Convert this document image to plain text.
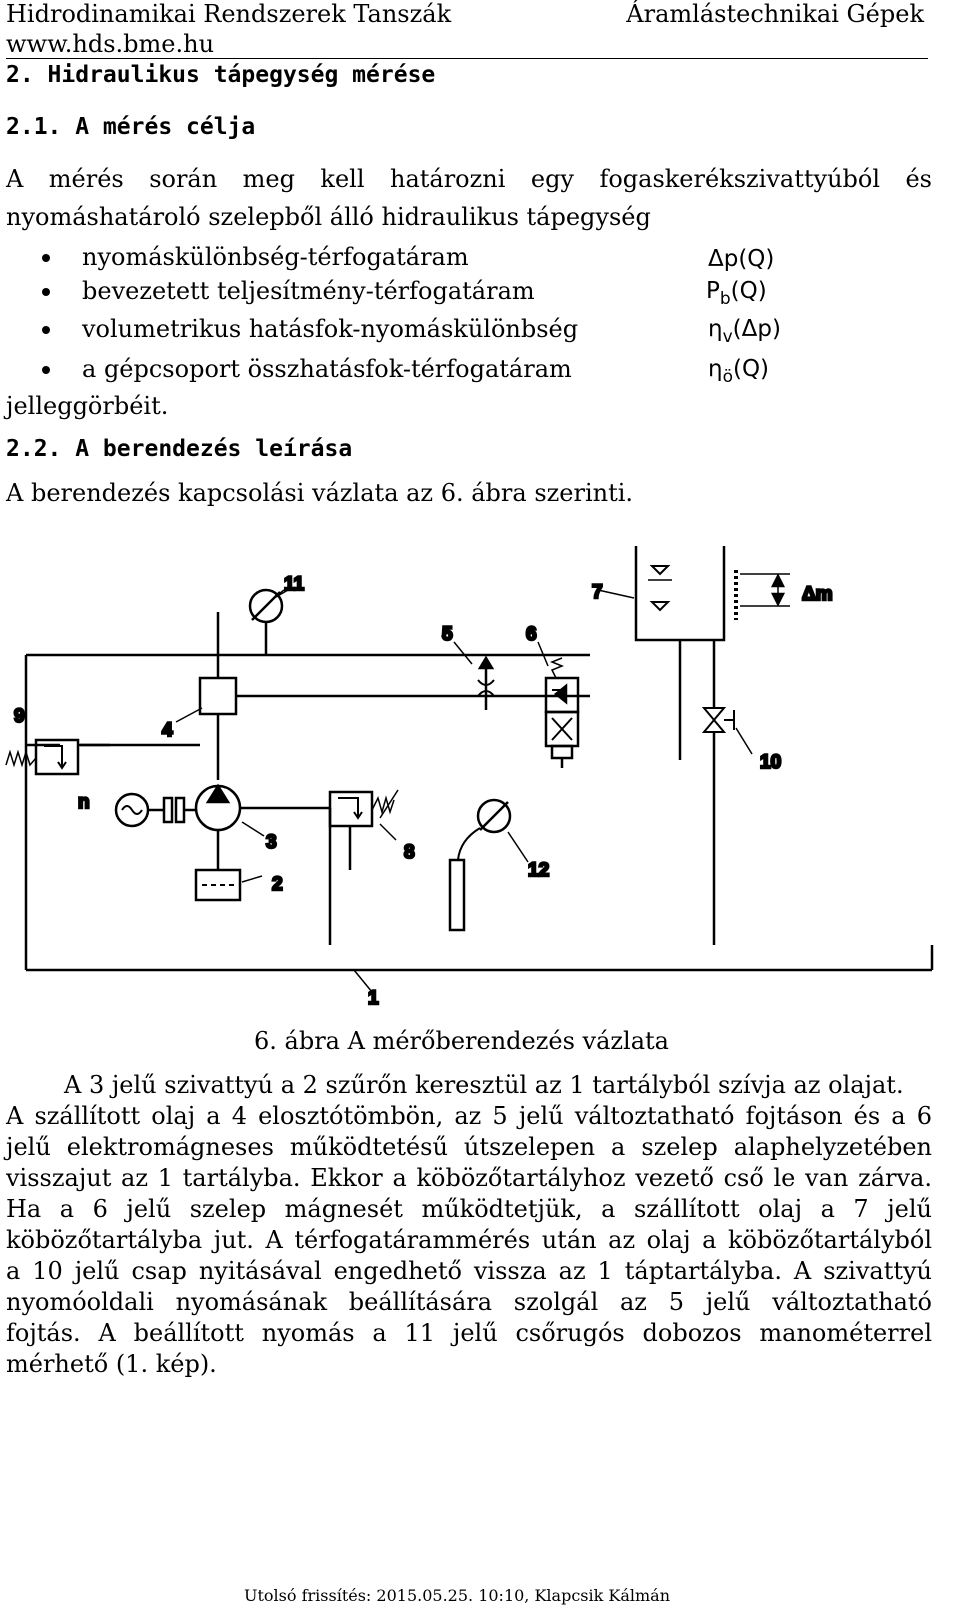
Hidrodinamikai Rendszerek Tanszák	Áramlástechnikai Gépek
www.hds.bme.hu
2. Hidraulikus tápegység mérése
2.1. A mérés célja
A mérés során meg kell határozni egy fogaskerékszivattyúból és
nyomáshatároló szelepből álló hidraulikus tápegység
nyomáskülönbség-térfogatáram	Δp(Q)
bevezetett teljesítmény-térfogatáram	$P_b(Q)$
volumetrikus hatásfok-nyomáskülönbség	$\eta_v(\Delta p)$
a gépcsoport összhatásfok-térfogatáram	$\eta_ö(Q)$
jelleggörbéit.
2.2. A berendezés leírása
A berendezés kapcsolási vázlata az 6. ábra szerinti.
11
5	6
7	Δm
9
4
10
n
3	8
12
2
1
6. ábra A mérőberendezés vázlata
A 3 jelű szivattyú a 2 szűrőn keresztül az 1 tartályból szívja az olajat.
A szállított olaj a 4 elosztótömbön, az 5 jelű változtatható fojtáson és a 6
jelű elektromágneses működtetésű útszelepen a szelep alaphelyzetében
visszajut az 1 tartályba. Ekkor a köbözőtartályhoz vezető cső le van zárva.
Ha a 6 jelű szelep mágnesét működtetjük, a szállított olaj a 7 jelű
köbözőtartályba jut. A térfogatárammérés után az olaj a köbözőtartályból
a 10 jelű csap nyitásával engedhető vissza az 1 táptartályba. A szivattyú
nyomóoldali nyomásának beállítására szolgál az 5 jelű változtatható
fojtás. A beállított nyomás a 11 jelű csőrugós dobozos manométerrel
mérhető (1. kép).
Utolsó frissítés: 2015.05.25. 10:10, Klapcsik Kálmán
